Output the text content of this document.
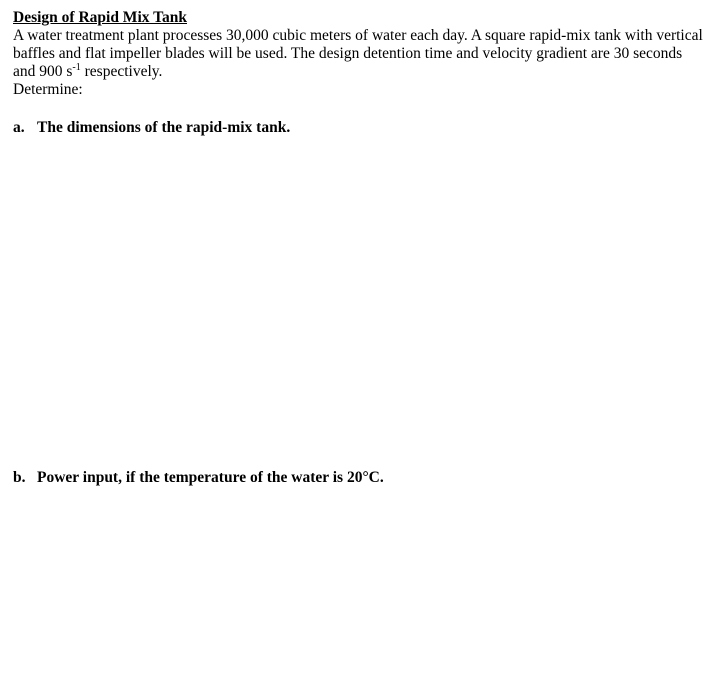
Design of Rapid Mix Tank

A water treatment plant processes 30,000 cubic meters of water each day. A square rapid-mix tank with vertical baffles and flat impeller blades will be used. The design detention time and velocity gradient are 30 seconds and 900 $s^{-1}$ respectively.

Determine:

a. The dimensions of the rapid-mix tank.

b. Power input, if the temperature of the water is 20°C.
